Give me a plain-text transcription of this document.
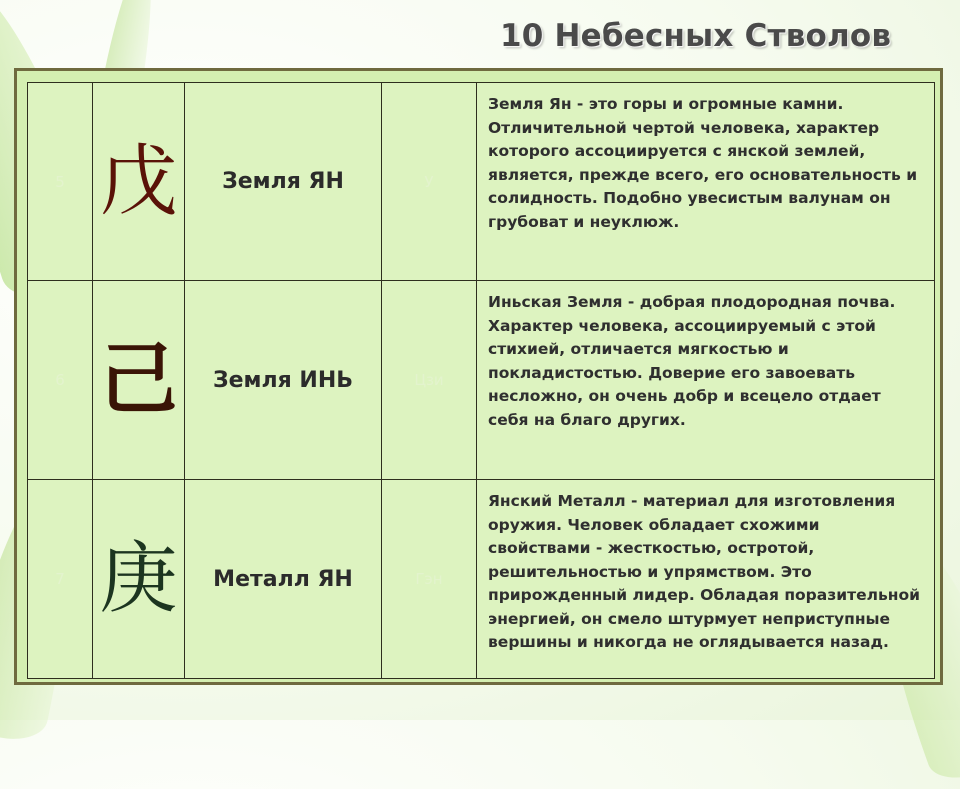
10 Небесных Стволов
5	戊	Земля ЯН	У	Земля Ян - это горы и огромные камни. Отличительной чертой человека, характер которого ассоциируется с янской землей, является, прежде всего, его основательность и солидность. Подобно увесистым валунам он грубоват и неуклюж.
6	己	Земля ИНЬ	Цзи	Иньская Земля - добрая плодородная почва. Характер человека, ассоциируемый с этой стихией, отличается мягкостью и покладистостью. Доверие его завоевать несложно, он очень добр и всецело отдает себя на благо других.
7	庚	Металл ЯН	Гэн	Янский Металл - материал для изготовления оружия. Человек обладает схожими свойствами - жесткостью, остротой, решительностью и упрямством. Это прирожденный лидер. Обладая поразительной энергией, он смело штурмует неприступные вершины и никогда не оглядывается назад.
